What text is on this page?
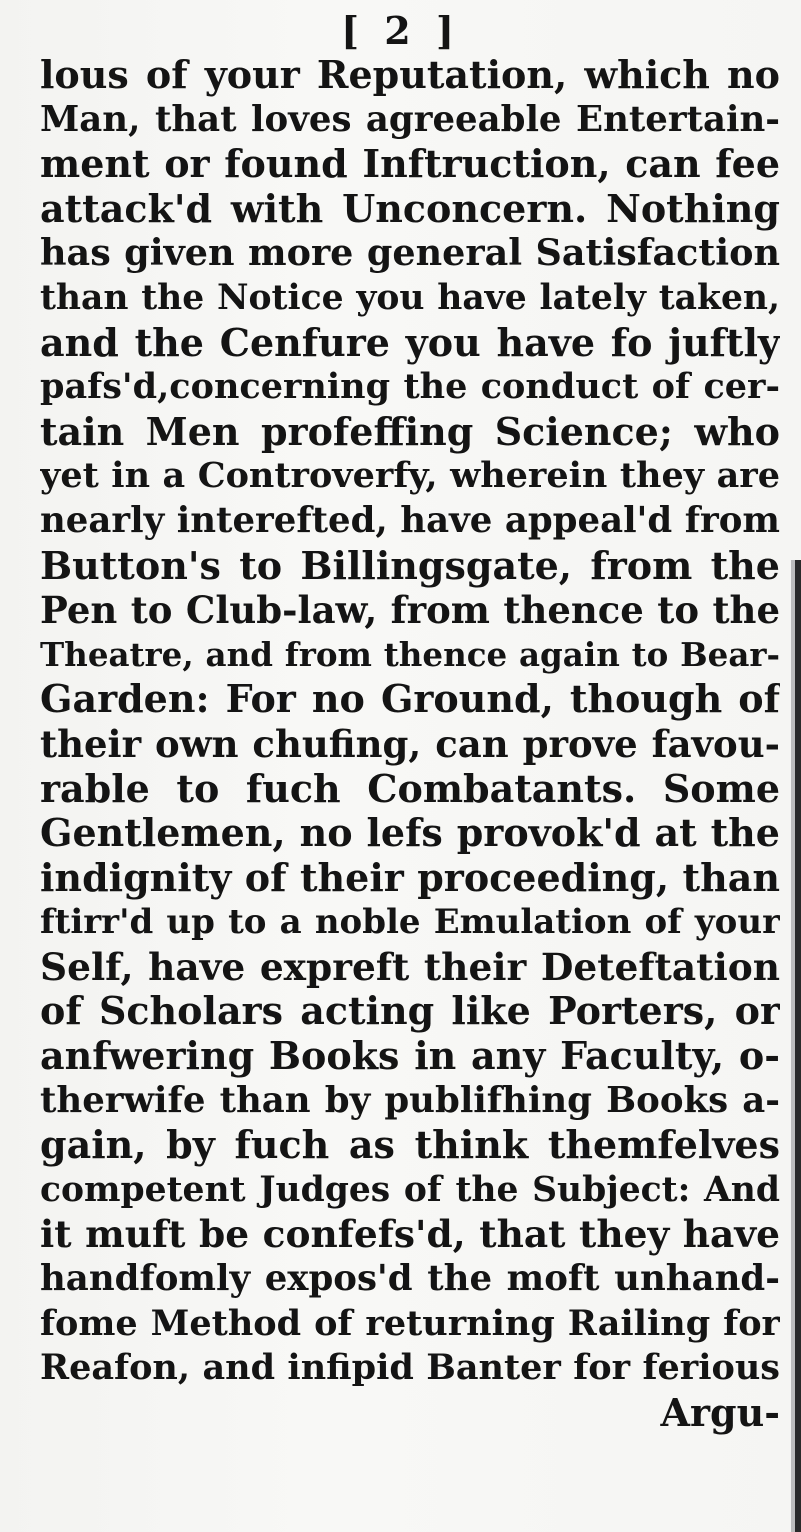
[ 2 ]
lous of your Reputation, which no
Man, that loves agreeable Entertain-
ment or found Inftruction, can fee
attack'd with Unconcern. Nothing
has given more general Satisfaction
than the Notice you have lately taken,
and the Cenfure you have fo juftly
pafs'd,concerning the conduct of cer-
tain Men profeffing Science; who
yet in a Controverfy, wherein they are
nearly interefted, have appeal'd from
Button's to Billingsgate, from the
Pen to Club-law, from thence to the
Theatre, and from thence again to Bear-
Garden: For no Ground, though of
their own chufing, can prove favou-
rable to fuch Combatants. Some
Gentlemen, no lefs provok'd at the
indignity of their proceeding, than
ftirr'd up to a noble Emulation of your
Self, have expreft their Deteftation
of Scholars acting like Porters, or
anfwering Books in any Faculty, o-
therwife than by publifhing Books a-
gain, by fuch as think themfelves
competent Judges of the Subject: And
it muft be confefs'd, that they have
handfomly expos'd the moft unhand-
fome Method of returning Railing for
Reafon, and infipid Banter for ferious
Argu-
